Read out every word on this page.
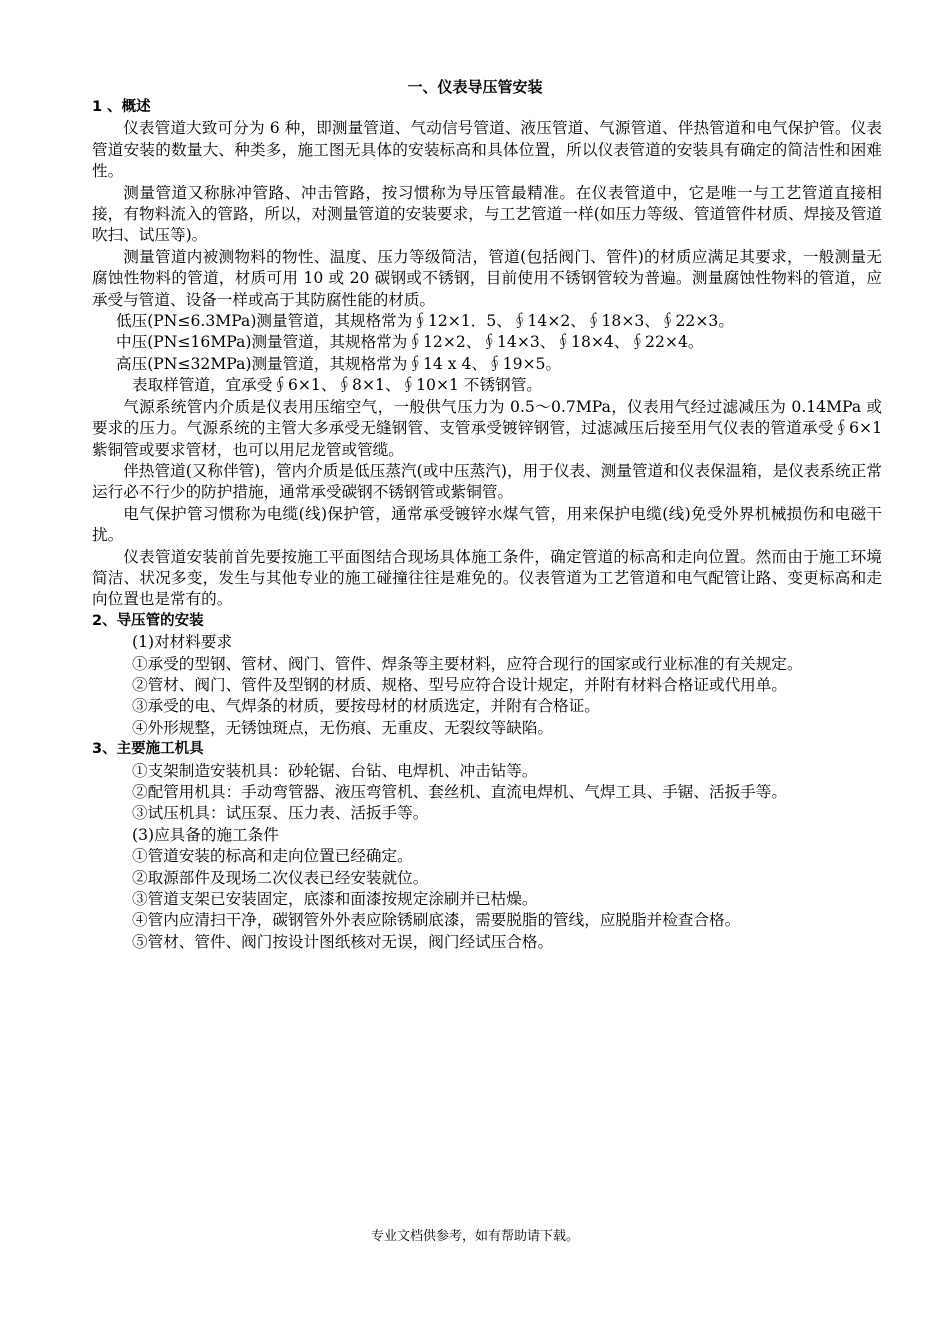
一、仪表导压管安装
1 、概述

仪表管道大致可分为 6 种，即测量管道、气动信号管道、液压管道、气源管道、伴热管道和电气保护管。仪表管道安装的数量大、种类多，施工图无具体的安装标高和具体位置，所以仪表管道的安装具有确定的简洁性和困难性。

测量管道又称脉冲管路、冲击管路，按习惯称为导压管最精准。在仪表管道中，它是唯一与工艺管道直接相接，有物料流入的管路，所以，对测量管道的安装要求，与工艺管道一样(如压力等级、管道管件材质、焊接及管道吹扫、试压等)。

测量管道内被测物料的物性、温度、压力等级简洁，管道(包括阀门、管件)的材质应满足其要求，一般测量无腐蚀性物料的管道，材质可用 10 或 20 碳钢或不锈钢，目前使用不锈钢管较为普遍。测量腐蚀性物料的管道，应承受与管道、设备一样或高于其防腐性能的材质。

低压(PN≤6.3MPa)测量管道，其规格常为∮12×1．5、∮14×2、∮18×3、∮22×3。

中压(PN≤16MPa)测量管道，其规格常为∮12×2、∮14×3、∮18×4、∮22×4。

高压(PN≤32MPa)测量管道，其规格常为∮14 x 4、∮19×5。

表取样管道，宜承受∮6×1、∮8×1、∮10×1 不锈钢管。

气源系统管内介质是仪表用压缩空气，一般供气压力为 0.5～0.7MPa，仪表用气经过滤减压为 0.14MPa 或要求的压力。气源系统的主管大多承受无缝钢管、支管承受镀锌钢管，过滤减压后接至用气仪表的管道承受∮6×1 紫铜管或要求管材，也可以用尼龙管或管缆。

伴热管道(又称伴管)，管内介质是低压蒸汽(或中压蒸汽)，用于仪表、测量管道和仪表保温箱，是仪表系统正常运行必不行少的防护措施，通常承受碳钢不锈钢管或紫铜管。

电气保护管习惯称为电缆(线)保护管，通常承受镀锌水煤气管，用来保护电缆(线)免受外界机械损伤和电磁干扰。

仪表管道安装前首先要按施工平面图结合现场具体施工条件，确定管道的标高和走向位置。然而由于施工环境简洁、状况多变，发生与其他专业的施工碰撞往往是难免的。仪表管道为工艺管道和电气配管让路、变更标高和走向位置也是常有的。

2、导压管的安装

(1)对材料要求

①承受的型钢、管材、阀门、管件、焊条等主要材料，应符合现行的国家或行业标准的有关规定。

②管材、阀门、管件及型钢的材质、规格、型号应符合设计规定，并附有材料合格证或代用单。

③承受的电、气焊条的材质，要按母材的材质选定，并附有合格证。

④外形规整，无锈蚀斑点，无伤痕、无重皮、无裂纹等缺陷。

3、主要施工机具

①支架制造安装机具：砂轮锯、台钻、电焊机、冲击钻等。

②配管用机具：手动弯管器、液压弯管机、套丝机、直流电焊机、气焊工具、手锯、活扳手等。

③试压机具：试压泵、压力表、活扳手等。

(3)应具备的施工条件

①管道安装的标高和走向位置已经确定。

②取源部件及现场二次仪表已经安装就位。

③管道支架已安装固定，底漆和面漆按规定涂刷并已枯燥。

④管内应清扫干净，碳钢管外外表应除锈刷底漆，需要脱脂的管线，应脱脂并检查合格。

⑤管材、管件、阀门按设计图纸核对无误，阀门经试压合格。

专业文档供参考，如有帮助请下载。
